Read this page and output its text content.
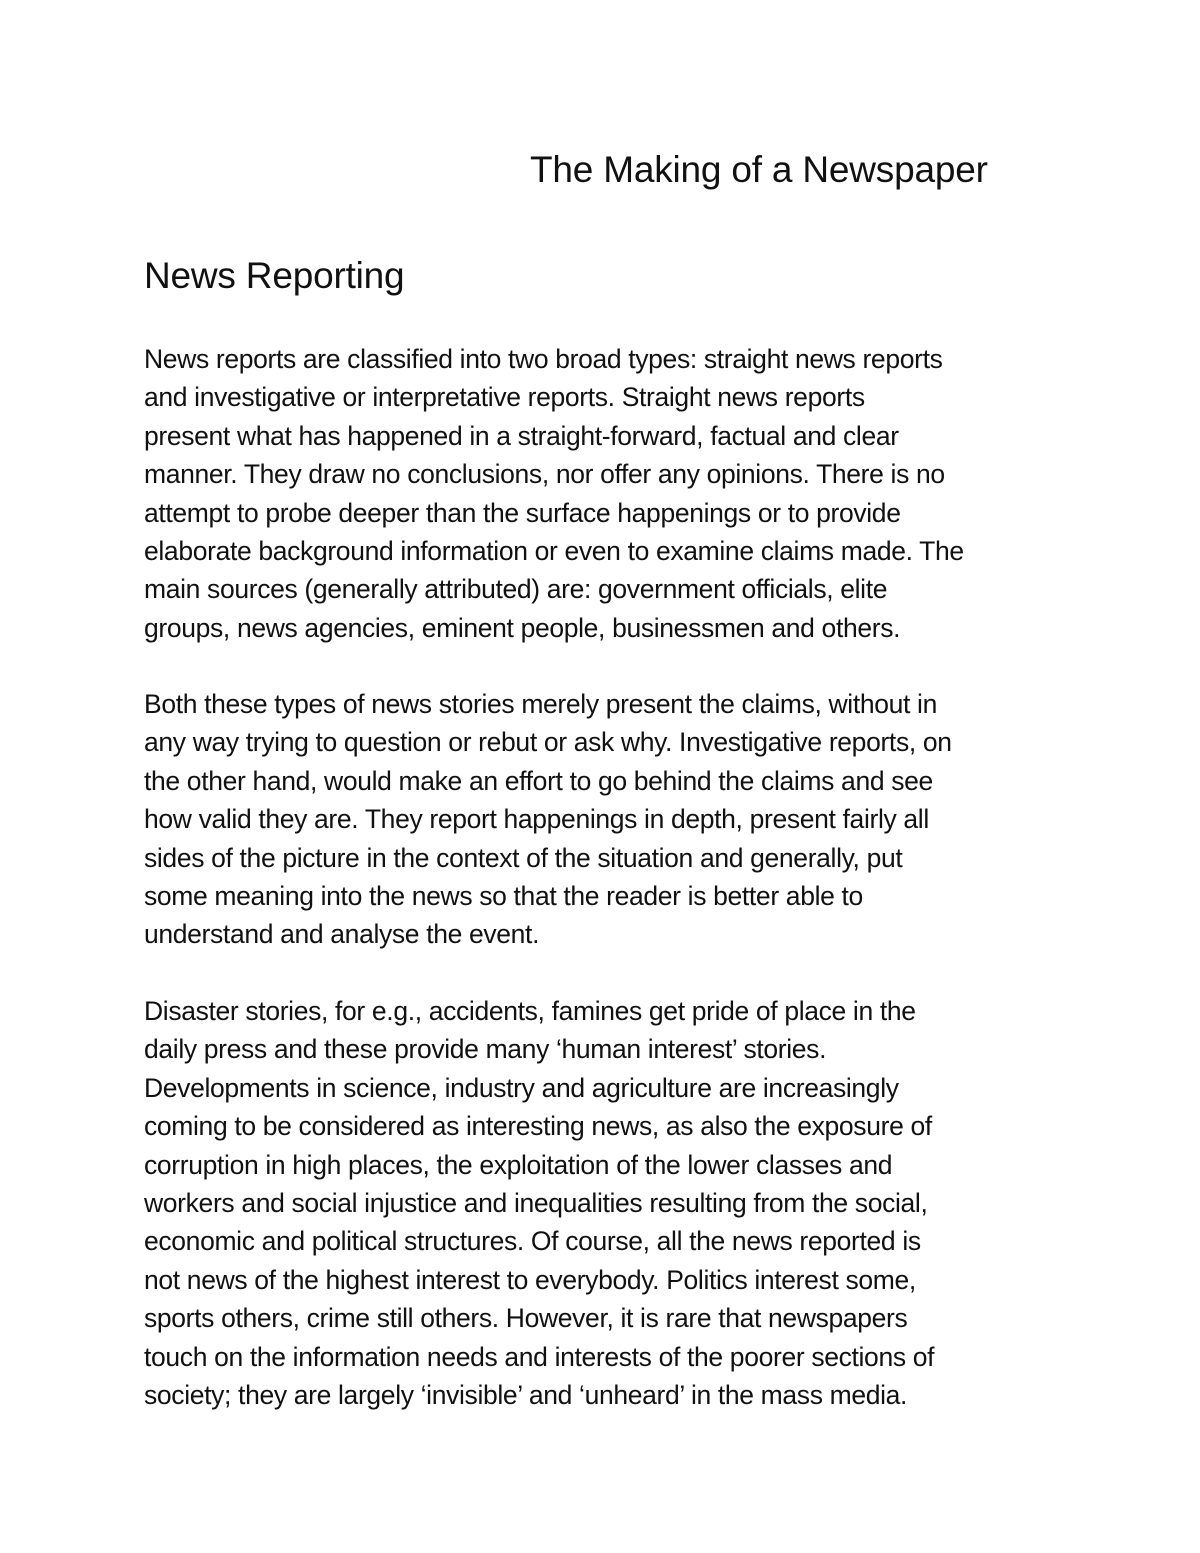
The Making of a Newspaper
News Reporting

News reports are classified into two broad types: straight news reports
and investigative or interpretative reports. Straight news reports
present what has happened in a straight-forward, factual and clear
manner. They draw no conclusions, nor offer any opinions. There is no
attempt to probe deeper than the surface happenings or to provide
elaborate background information or even to examine claims made. The
main sources (generally attributed) are: government officials, elite
groups, news agencies, eminent people, businessmen and others.

Both these types of news stories merely present the claims, without in
any way trying to question or rebut or ask why. Investigative reports, on
the other hand, would make an effort to go behind the claims and see
how valid they are. They report happenings in depth, present fairly all
sides of the picture in the context of the situation and generally, put
some meaning into the news so that the reader is better able to
understand and analyse the event.

Disaster stories, for e.g., accidents, famines get pride of place in the
daily press and these provide many ‘human interest’ stories.
Developments in science, industry and agriculture are increasingly
coming to be considered as interesting news, as also the exposure of
corruption in high places, the exploitation of the lower classes and
workers and social injustice and inequalities resulting from the social,
economic and political structures. Of course, all the news reported is
not news of the highest interest to everybody. Politics interest some,
sports others, crime still others. However, it is rare that newspapers
touch on the information needs and interests of the poorer sections of
society; they are largely ‘invisible’ and ‘unheard’ in the mass media.
